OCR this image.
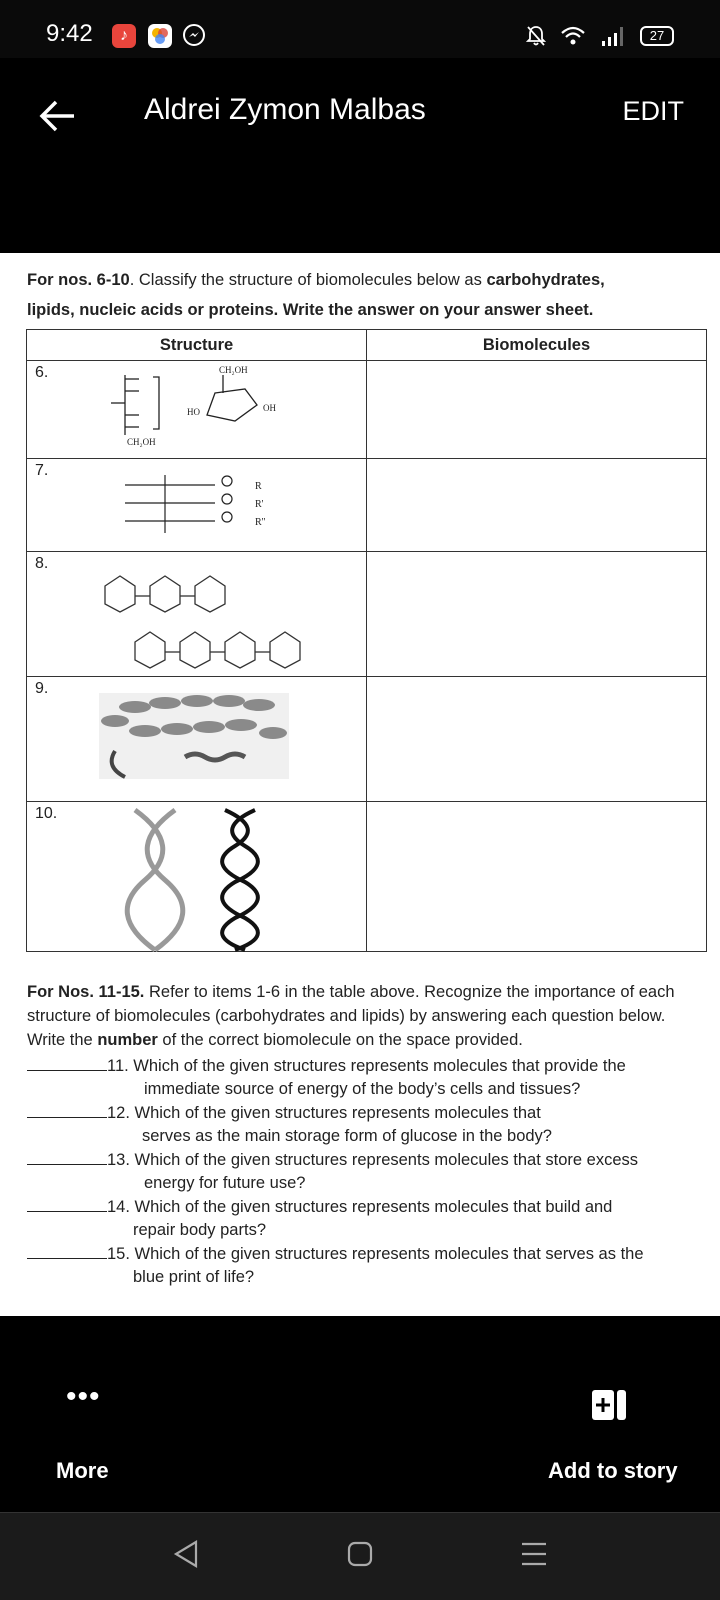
9:42	♪	27
Aldrei Zymon Malbas	EDIT
For nos. 6-10. Classify the structure of biomolecules below as carbohydrates,
lipids, nucleic acids or proteins. Write the answer on your answer sheet.
Structure	Biomolecules

6.
CH₂OH
CH₂OH
OH
HO	

7.
R
R'
R''	

8.	

9.	

10.	

For Nos. 11-15. Refer to items 1-6 in the table above. Recognize the importance of each structure of biomolecules (carbohydrates and lipids) by answering each question below. Write the number of the correct biomolecule on the space provided.
11. Which of the given structures represents molecules that provide the
immediate source of energy of the body’s cells and tissues?
12. Which of the given structures represents molecules that
serves as the main storage form of glucose in the body?
13. Which of the given structures represents molecules that store excess
energy for future use?
14. Which of the given structures represents molecules that build and
repair body parts?
15. Which of the given structures represents molecules that serves as the
blue print of life?
•••
More	Add to story
